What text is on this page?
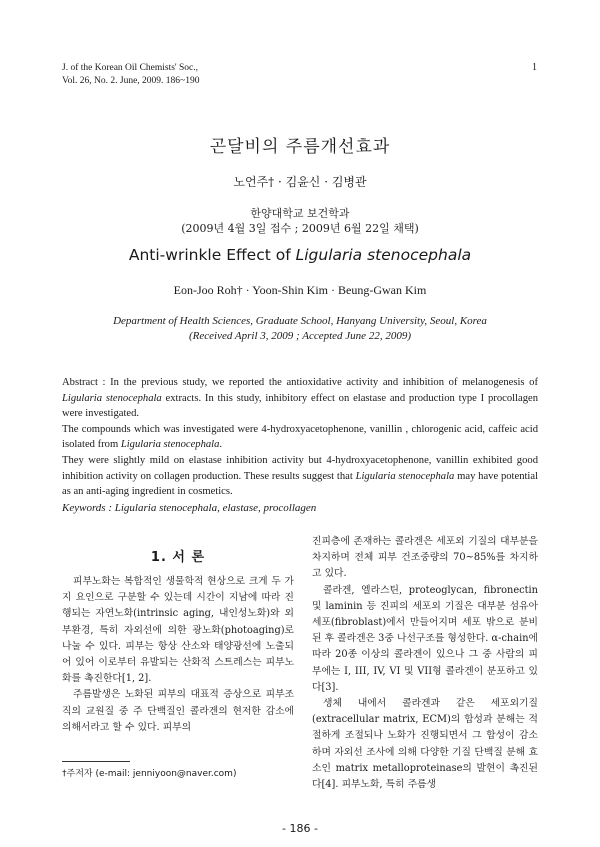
J. of the Korean Oil Chemists' Soc.,
Vol. 26, No. 2. June, 2009. 186~190
1
곤달비의 주름개선효과
노언주† · 김윤신 · 김병관
한양대학교 보건학과
(2009년 4월 3일 접수 ; 2009년 6월 22일 채택)
Anti-wrinkle Effect of Ligularia stenocephala
Eon-Joo Roh† · Yoon-Shin Kim · Beung-Gwan Kim
Department of Health Sciences, Graduate School, Hanyang University, Seoul, Korea
(Received April 3, 2009 ; Accepted June 22, 2009)

Abstract : In the previous study, we reported the antioxidative activity and inhibition of melanogenesis of Ligularia stenocephala extracts. In this study, inhibitory effect on elastase and production type I procollagen were investigated.

The compounds which was investigated were 4-hydroxyacetophenone, vanillin , chlorogenic acid, caffeic acid isolated from Ligularia stenocephala.

They were slightly mild on elastase inhibition activity but 4-hydroxyacetophenone, vanillin exhibited good inhibition activity on collagen production. These results suggest that Ligularia stenocephala may have potential as an anti-aging ingredient in cosmetics.

Keywords : Ligularia stenocephala, elastase, procollagen
1. 서 론

피부노화는 복합적인 생물학적 현상으로 크게 두 가지 요인으로 구분할 수 있는데 시간이 지남에 따라 진행되는 자연노화(intrinsic aging, 내인성노화)와 외부환경, 특히 자외선에 의한 광노화(photoaging)로 나눌 수 있다. 피부는 항상 산소와 태양광선에 노출되어 있어 이로부터 유발되는 산화적 스트레스는 피부노화를 촉진한다[1, 2].

주름발생은 노화된 피부의 대표적 증상으로 피부조직의 교원질 중 주 단백질인 콜라겐의 현저한 감소에 의해서라고 할 수 있다. 피부의

진피층에 존재하는 콜라겐은 세포외 기질의 대부분을 차지하며 전체 피부 건조중량의 70~85%를 차지하고 있다.

콜라겐, 엘라스틴, proteoglycan, fibronectin 및 laminin 등 진피의 세포외 기질은 대부분 섬유아세포(fibroblast)에서 만들어지며 세포 밖으로 분비된 후 콜라겐은 3중 나선구조를 형성한다. α-chain에 따라 20종 이상의 콜라겐이 있으나 그 중 사람의 피부에는 I, III, IV, VI 및 VII형 콜라겐이 분포하고 있다[3].

생체 내에서 콜라겐과 같은 세포외기질(extracellular matrix, ECM)의 합성과 분해는 적절하게 조절되나 노화가 진행되면서 그 합성이 감소하며 자외선 조사에 의해 다양한 기질 단백질 분해 효소인 matrix metalloproteinase의 발현이 촉진된다[4]. 피부노화, 특히 주름생

†주저자 (e-mail: jenniyoon@naver.com)
- 186 -
